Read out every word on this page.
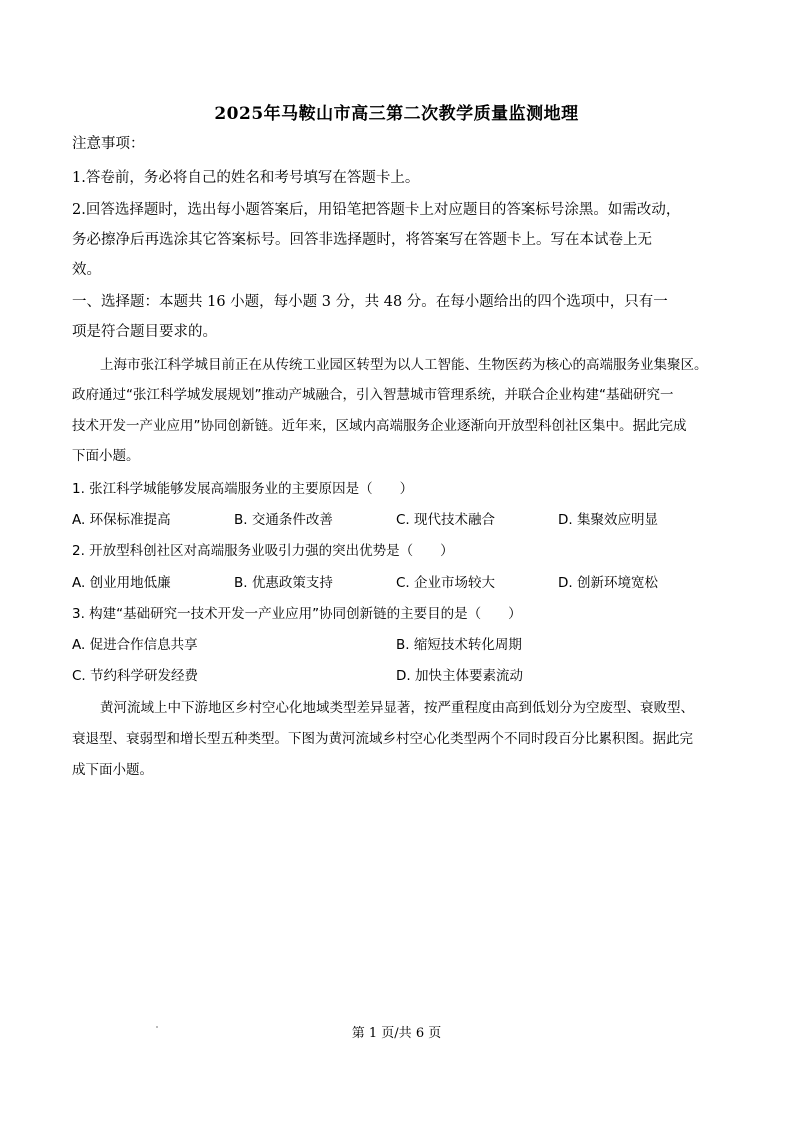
2025年马鞍山市高三第二次教学质量监测地理
注意事项：
1.答卷前，务必将自己的姓名和考号填写在答题卡上。
2.回答选择题时，选出每小题答案后，用铅笔把答题卡上对应题目的答案标号涂黑。如需改动，
务必擦净后再选涂其它答案标号。回答非选择题时，将答案写在答题卡上。写在本试卷上无
效。
一、选择题：本题共 16 小题，每小题 3 分，共 48 分。在每小题给出的四个选项中，只有一
项是符合题目要求的。
上海市张江科学城目前正在从传统工业园区转型为以人工智能、生物医药为核心的高端服务业集聚区。
政府通过“张江科学城发展规划”推动产城融合，引入智慧城市管理系统，并联合企业构建“基础研究一
技术开发一产业应用”协同创新链。近年来，区域内高端服务企业逐渐向开放型科创社区集中。据此完成
下面小题。
1. 张江科学城能够发展高端服务业的主要原因是（　　）
A. 环保标准提高	B. 交通条件改善	C. 现代技术融合	D. 集聚效应明显
2. 开放型科创社区对高端服务业吸引力强的突出优势是（　　）
A. 创业用地低廉	B. 优惠政策支持	C. 企业市场较大	D. 创新环境宽松
3. 构建“基础研究一技术开发一产业应用”协同创新链的主要目的是（　　）
A. 促进合作信息共享	B. 缩短技术转化周期
C. 节约科学研发经费	D. 加快主体要素流动
黄河流域上中下游地区乡村空心化地域类型差异显著，按严重程度由高到低划分为空废型、衰败型、
衰退型、衰弱型和增长型五种类型。下图为黄河流域乡村空心化类型两个不同时段百分比累积图。据此完
成下面小题。
第 1 页/共 6 页
